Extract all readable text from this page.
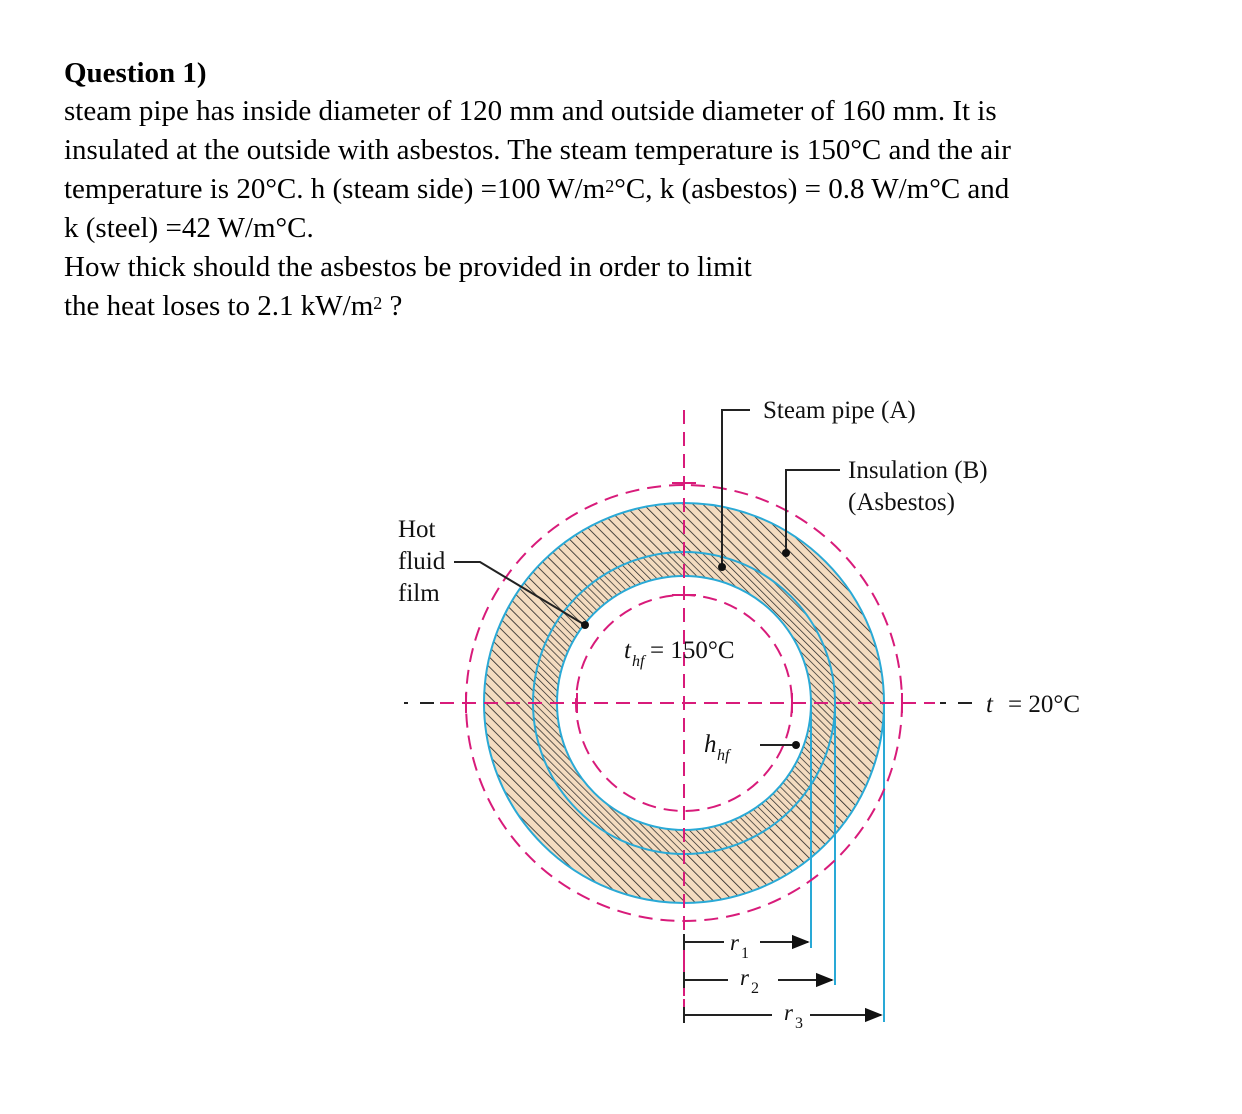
Question 1)

steam pipe has inside diameter of 120 mm and outside diameter of 160 mm. It is

insulated at the outside with asbestos. The steam temperature is 150°C and the air

temperature is 20°C. h (steam side) =100 $W/m^2^\circ C$, k (asbestos) = 0.8 W/m°C and

k (steel) =42 W/m°C.

How thick should the asbestos be provided in order to limit

the heat loses to 2.1 $kW/m^2$ ?

Steam pipe (A)
Insulation (B)
(Asbestos)
Hot
fluid
film
t hf = 150°C
h hf
t = 20°C
r 1
r 2
r 3
